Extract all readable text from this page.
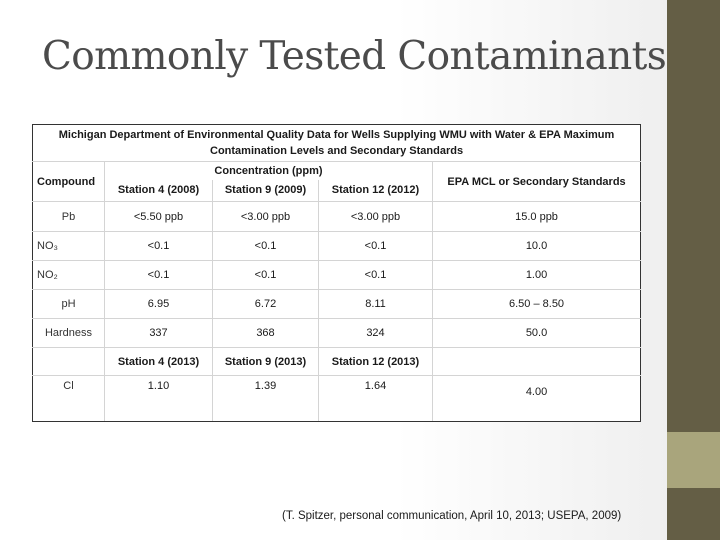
Commonly Tested Contaminants
Michigan Department of Environmental Quality Data for Wells Supplying WMU with Water & EPA Maximum Contamination Levels and Secondary Standards				
Compound	Concentration (ppm)			EPA MCL or Secondary Standards
	Station 4 (2008)	Station 9 (2009)	Station 12 (2012)	
Pb	<5.50 ppb	<3.00 ppb	<3.00 ppb	15.0 ppb
NO₃	<0.1	<0.1	<0.1	10.0
NO₂	<0.1	<0.1	<0.1	1.00
pH	6.95	6.72	8.11	6.50 – 8.50
Hardness	337	368	324	50.0
	Station 4 (2013)	Station 9 (2013)	Station 12 (2013)	
Cl	1.10	1.39	1.64	4.00

(T. Spitzer, personal communication, April 10, 2013; USEPA, 2009)
